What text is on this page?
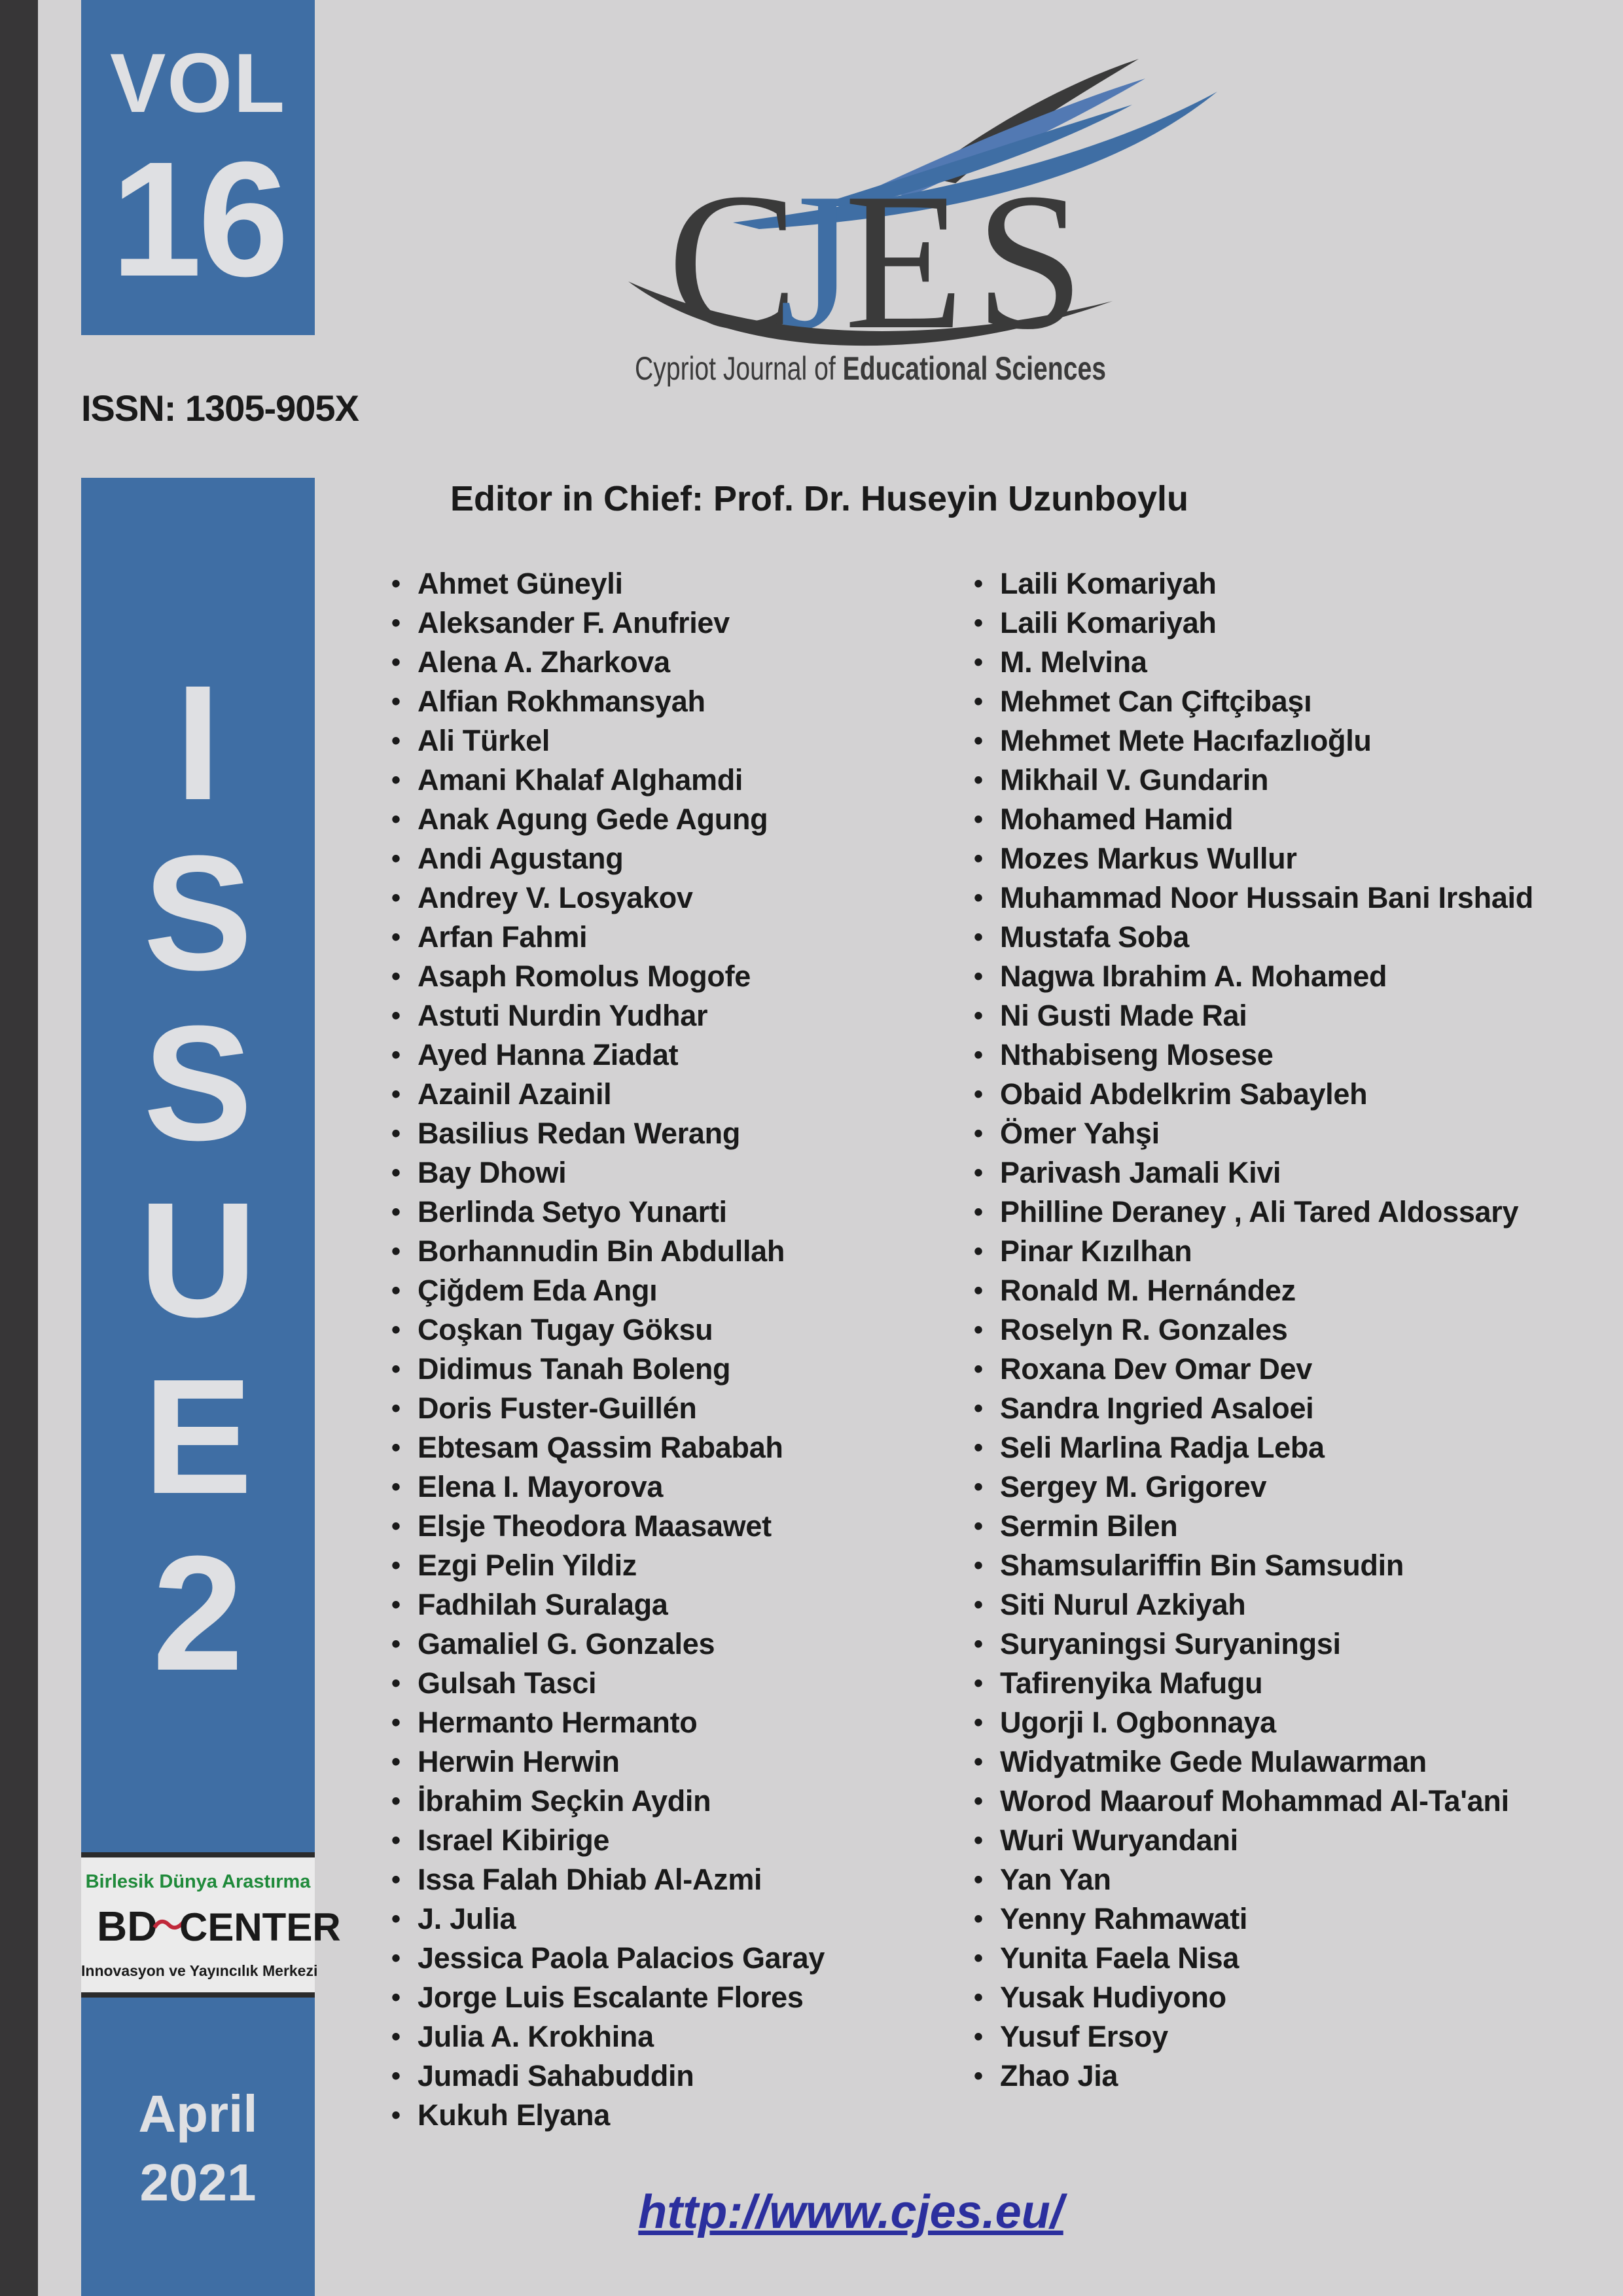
VOL
16
ISSN: 1305-905X
I
S
S
U
E
2
Birlesik Dünya Arastırma
BD CENTER
Innovasyon ve Yayıncılık Merkezi
April
2021
C
J
E S
Cypriot Journal of Educational Sciences
Editor in Chief: Prof. Dr. Huseyin Uzunboylu
• Ahmet Güneyli
• Aleksander F. Anufriev
• Alena A. Zharkova
• Alfian Rokhmansyah
• Ali Türkel
• Amani Khalaf Alghamdi
• Anak Agung Gede Agung
• Andi Agustang
• Andrey V. Losyakov
• Arfan Fahmi
• Asaph Romolus Mogofe
• Astuti Nurdin Yudhar
• Ayed Hanna Ziadat
• Azainil Azainil
• Basilius Redan Werang
• Bay Dhowi
• Berlinda Setyo Yunarti
• Borhannudin Bin Abdullah
• Çiğdem Eda Angı
• Coşkan Tugay Göksu
• Didimus Tanah Boleng
• Doris Fuster-Guillén
• Ebtesam Qassim Rababah
• Elena I. Mayorova
• Elsje Theodora Maasawet
• Ezgi Pelin Yildiz
• Fadhilah Suralaga
• Gamaliel G. Gonzales
• Gulsah Tasci
• Hermanto Hermanto
• Herwin Herwin
• İbrahim Seçkin Aydin
• Israel Kibirige
• Issa Falah Dhiab Al-Azmi
• J. Julia
• Jessica Paola Palacios Garay
• Jorge Luis Escalante Flores
• Julia A. Krokhina
• Jumadi Sahabuddin
• Kukuh Elyana
• Laili Komariyah
• Laili Komariyah
• M. Melvina
• Mehmet Can Çiftçibaşı
• Mehmet Mete Hacıfazlıoğlu
• Mikhail V. Gundarin
• Mohamed Hamid
• Mozes Markus Wullur
• Muhammad Noor Hussain Bani Irshaid
• Mustafa Soba
• Nagwa Ibrahim A. Mohamed
• Ni Gusti Made Rai
• Nthabiseng Mosese
• Obaid Abdelkrim Sabayleh
• Ömer Yahşi
• Parivash Jamali Kivi
• Philline Deraney , Ali Tared Aldossary
• Pinar Kızılhan
• Ronald M. Hernández
• Roselyn R. Gonzales
• Roxana Dev Omar Dev
• Sandra Ingried Asaloei
• Seli Marlina Radja Leba
• Sergey M. Grigorev
• Sermin Bilen
• Shamsulariffin Bin Samsudin
• Siti Nurul Azkiyah
• Suryaningsi Suryaningsi
• Tafirenyika Mafugu
• Ugorji I. Ogbonnaya
• Widyatmike Gede Mulawarman
• Worod Maarouf Mohammad Al-Ta'ani
• Wuri Wuryandani
• Yan Yan
• Yenny Rahmawati
• Yunita Faela Nisa
• Yusak Hudiyono
• Yusuf Ersoy
• Zhao Jia
http://www.cjes.eu/
